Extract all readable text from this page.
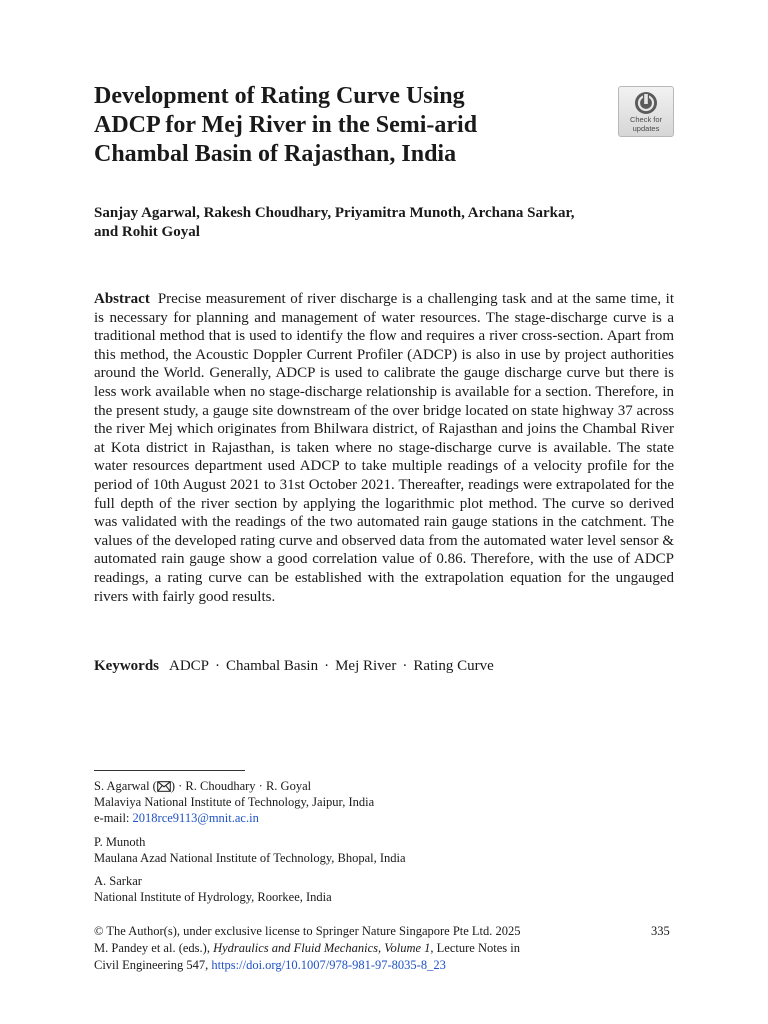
Development of Rating Curve Using
ADCP for Mej River in the Semi-arid
Chambal Basin of Rajasthan, India
Check for
updates
Sanjay Agarwal, Rakesh Choudhary, Priyamitra Munoth, Archana Sarkar,
and Rohit Goyal

Abstract Precise measurement of river discharge is a challenging task and at the same time, it is necessary for planning and management of water resources. The stage-discharge curve is a traditional method that is used to identify the flow and requires a river cross-section. Apart from this method, the Acoustic Doppler Current Profiler (ADCP) is also in use by project authorities around the World. Generally, ADCP is used to calibrate the gauge discharge curve but there is less work available when no stage-discharge relationship is available for a section. Therefore, in the present study, a gauge site downstream of the over bridge located on state highway 37 across the river Mej which originates from Bhilwara district, of Rajasthan and joins the Chambal River at Kota district in Rajasthan, is taken where no stage-discharge curve is available. The state water resources department used ADCP to take multiple readings of a velocity profile for the period of 10th August 2021 to 31st October 2021. Thereafter, readings were extrapolated for the full depth of the river section by applying the logarithmic plot method. The curve so derived was validated with the readings of the two automated rain gauge stations in the catchment. The values of the developed rating curve and observed data from the automated water level sensor & automated rain gauge show a good correlation value of 0.86. Therefore, with the use of ADCP readings, a rating curve can be established with the extrapolation equation for the ungauged rivers with fairly good results.

Keywords ADCP · Chambal Basin · Mej River · Rating Curve
S. Agarwal ( ) · R. Choudhary · R. Goyal
Malaviya National Institute of Technology, Jaipur, India
e-mail: 2018rce9113@mnit.ac.in
P. Munoth
Maulana Azad National Institute of Technology, Bhopal, India
A. Sarkar
National Institute of Hydrology, Roorkee, India
© The Author(s), under exclusive license to Springer Nature Singapore Pte Ltd. 2025
M. Pandey et al. (eds.), Hydraulics and Fluid Mechanics, Volume 1, Lecture Notes in
Civil Engineering 547, https://doi.org/10.1007/978-981-97-8035-8_23
335
